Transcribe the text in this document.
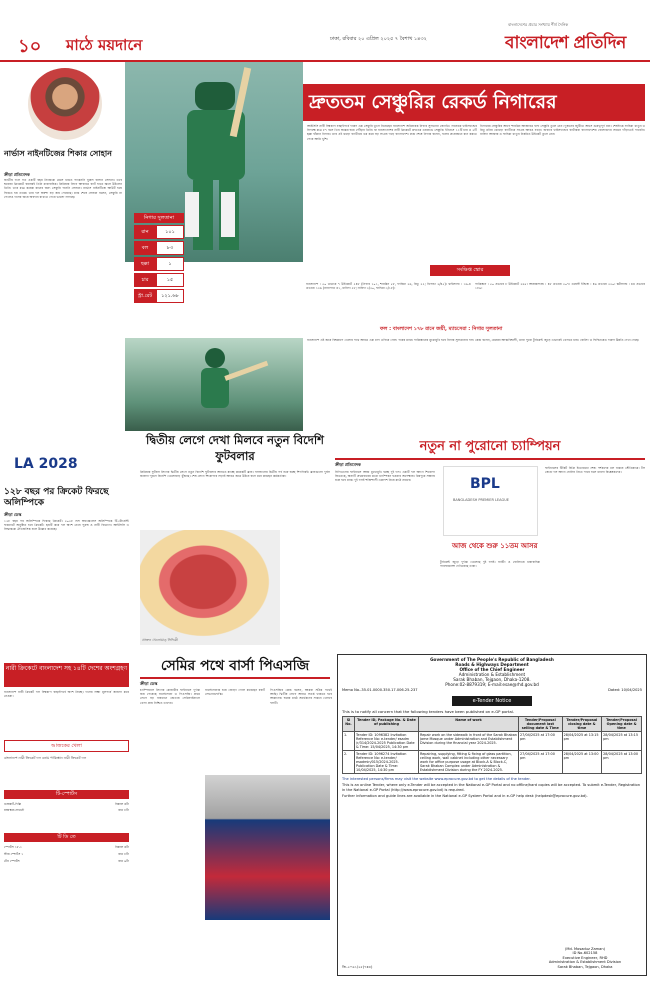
১০ মাঠে ময়দানে	ঢাকা, রবিবার ২০ এপ্রিল ২০২৫ ৭ বৈশাখ ১৪৩২
বাংলাদেশের প্রচার সংখ্যায় শীর্ষ দৈনিক
বাংলাদেশ প্রতিদিন
নার্ভাস নাইনটিজের শিকার সোহান
ক্রীড়া প্রতিবেদক
জাতীয় দলে গত একটি বছর নিজেকে মেলে ধরতে পারেননি নুরুল হাসান সোহান। তবে ঘরোয়া ক্রিকেটে বরাবরই তিনি ধারাবাহিক। প্রিমিয়ার লিগে আবারও ব্যাট হাতে জ্বলে উঠলেন তিনি। তবে মাত্র কয়েক রানের জন্য সেঞ্চুরি পাননি সোহান। নার্ভাস নাইনটিজে আউট হয়ে ফিরতে হয় তাকে। তার দল অবশ্য বড় জয় পেয়েছে। ম্যাচ শেষে সোহান বলেন, সেঞ্চুরি না পেলেও দলের জয়ে অবদান রাখতে পেরে ভালো লাগছে।
দ্রুততম সেঞ্চুরির রেকর্ড নিগারের
নিগার সুলতানা
রান	১০১
বল	৮৩
ছক্কা	১
চার	১৫
স্ট্রা.রেট	১২১.৬৮
আইসিসি নারী বিশ্বকাপ বাছাইপর্বে দারুণ এক সেঞ্চুরি তুলে নিয়েছেন বাংলাদেশ অধিনায়ক নিগার সুলতানা জ্যোতি। লাহোরে থাইল্যান্ডের বিপক্ষে মাত্র ৮৭ বলে তিন অঙ্কের ঘরে পৌঁছান তিনি। যা বাংলাদেশের নারী ক্রিকেটে দ্রুততম ওয়ানডে সেঞ্চুরি। ইনিংসে ১১টি চার ও ২টি ছক্কা হাঁকান নিগার। তার এই ঝড়ো ব্যাটিংয়ে ভর করে বড় সংগ্রহ গড়ে বাংলাদেশ। ম্যাচ শেষে নিগার বলেন, দলের প্রয়োজনে রান করতে পেরে আমি খুশি।
নিগারের সেঞ্চুরির আগে শারমিন আক্তারও হাফ সেঞ্চুরি তুলে নেন। দুজনের জুটিতে আসে গুরুত্বপূর্ণ রান। শেষদিকে ফাহিমা খাতুন ও রিতু মনির ঝোড়ো ব্যাটিংয়ে সংগ্রহ আরও বাড়ে। জবাবে থাইল্যান্ডের ব্যাটাররা বাংলাদেশের বোলারদের সামনে দাঁড়াতেই পারেনি। নাহিদা আক্তার ও ফাহিমা খাতুন নিয়মিত উইকেট তুলে নেন।
সংক্ষিপ্ত স্কোর
বাংলাদেশ : ৫০ ওভারে ৭ উইকেটে ২৪৮ (নিগার ১০১, শারমিন ৫৮, ফাহিমা ২৬, রিতু ২২; থিপাচা ২/৪৫)। থাইল্যান্ড : ৩৯.৪ ওভারে ১৩৬ (নানাপাত ৪১, চানিদা ২৮; নাহিদা ৩/২০, ফাহিমা ৩/১৮)।
পাকিস্তান : ৫০ ওভারে ৮ উইকেটে ২৬৫। আয়ারল্যান্ড : ৪৮ ওভারে ২০৭। ওয়েস্ট ইন্ডিজ : ৪৬ ওভারে ২২০। স্কটল্যান্ড : ৪৪ ওভারে ১৮৯।
ফল : বাংলাদেশ ১৭৮ রানে জয়ী, ম্যাচসেরা : নিগার সুলতানা
বাংলাদেশ এই জয়ে বিশ্বকাপে খেলার পথে আরও এক ধাপ এগিয়ে গেল। পরের ম্যাচে পাকিস্তানের মুখোমুখি হবে নিগার সুলতানার দল। কোচ বলেন, মেয়েরা আত্মবিশ্বাসী, তারা পুরো টুর্নামেন্ট জুড়ে এভাবেই খেলতে চায়। বোলিং ও ফিল্ডিংয়েও দারুণ উন্নতি দেখা গেছে।
LA 2028
১২৮ বছর পর ক্রিকেট ফিরছে অলিম্পিকে
ক্রীড়া ডেস্ক
১২৮ বছর পর অলিম্পিকে ফিরছে ক্রিকেট। ২০২৮ লস অ্যাঞ্জেলেস অলিম্পিকে টি-টোয়েন্টি ফরম্যাটে অনুষ্ঠিত হবে ক্রিকেট। ছয়টি করে দল অংশ নেবে পুরুষ ও নারী বিভাগে। আইসিসি এ সিদ্ধান্তকে ঐতিহাসিক বলে উল্লেখ করেছে।
দ্বিতীয় লেগে দেখা মিলবে নতুন বিদেশি ফুটবলার
প্রিমিয়ার ফুটবল লিগের দ্বিতীয় লেগে নতুন বিদেশি ফুটবলার আনতে যাচ্ছে কয়েকটি ক্লাব। দলবদলের দ্বিতীয় পর্ব শুরু হচ্ছে শিগগিরই। ক্লাবগুলো দুর্বল জায়গা পূরণে বিদেশি খেলোয়াড় খুঁজছে। শেষ লেগে শিরোপার লড়াই আরও জমে উঠবে বলে মনে করছেন কর্মকর্তারা।
প্রাক্তন খেলোয়াড় সিদ্দিকী
নতুন না পুরোনো চ্যাম্পিয়ন
ক্রীড়া প্রতিবেদক
বিপিএলের ফাইনালে আজ মুখোমুখি হচ্ছে দুই দল। একটি দল আগে শিরোপা জিতেছে, অন্যটি প্রথমবারের মতো চ্যাম্পিয়ন হওয়ার অপেক্ষায়। মিরপুরে সন্ধ্যায় শুরু হবে ম্যাচ। দুই দলই শক্তিশালী একাদশ নিয়ে মাঠে নামবে।	BPL
BANGLADESH PREMIER LEAGUE
আজ থেকে শুরু ১১তম আসর
টুর্নামেন্ট জুড়ে দুর্দান্ত খেলেছে দুই দলই। ব্যাটিং ও বোলিংয়ে ধারাবাহিক পারফরম্যান্স দেখিয়েছে তারা।
ফাইনালের টিকিট বিক্রি ইতোমধ্যে শেষ। দর্শকদের ঢল নামবে স্টেডিয়ামে। টস জেতা দল আগে বোলিং নিতে পারে বলে ধারণা বিশ্লেষকদের।
নারী ক্রিকেটে বাংলাদেশ সহ ১৪টি দেশের অংশগ্রহণ
বাংলাদেশ নারী ক্রিকেট দল বিশ্বকাপ বাছাইপর্বে অংশ নিচ্ছে। দলের লক্ষ্য মূলপর্বে জায়গা করে নেওয়া।
আজকের খেলা
বাংলাদেশ নারী ক্রিকেট দল বনাম পাকিস্তান নারী ক্রিকেট দল
টি-স্পোর্টস
গুজরাট-দিল্লি	বিকাল ৪টা
রাজস্থান-লখনৌ	রাত ৮টা
টি ডি তে
স্পোর্টস ১৮-১	বিকাল ৪টা
স্টার স্পোর্টস ১	রাত ৮টা
টেন স্পোর্টস	রাত ৯টা
সেমির পথে বার্সা পিএসজি
ক্রীড়া ডেস্ক
চ্যাম্পিয়নস লিগের কোয়ার্টার ফাইনালে দুর্দান্ত জয় পেয়েছে বার্সেলোনা ও পিএসজি। প্রথম লেগে বড় ব্যবধানে জেতায় সেমিফাইনালে খেলা প্রায় নিশ্চিত তাদের।
বার্সেলোনার হয়ে জোড়া গোল করেছেন রবার্ট লেভানডফস্কি।
পিএসজির কোচ বলেন, আমরা সঠিক পথেই আছি। দ্বিতীয় লেগে আরও সতর্ক থাকতে হবে আমাদের। ঘরের মাঠে সমর্থকদের সামনে খেলবে দলটি।
Government of The People's Republic of Bangladesh
Roads & Highways Department
Office of the Chief Engineer
Administration & Establishment
Sarak Bhaban, Tejgaon, Dhaka-1208.
Phone:02-8879319; E-mail:esae@rhd.gov.bd
Memo No.-35.01.0000.350.17.006.25-237	Dated: 10/04/2025
e-Tender Notice
This is to notify all concern that the following tenders have been published on e-GP portal.
Sl No.	Tender ID, Package No. & Date of publishing	Name of work	Tender/Proposal document last selling date & Time	Tender/Proposal closing date & time	Tender/Proposal Opening date & time
1.	Tender ID: 1096382 Invitation Reference No: e-tender/ esadm /r/314/2024-2025 Publication Date & Time: 15/04/2025, 14:30 pm	Repair work on the sidewalk in front of the Sarak Bhaban Jame Mosque under Administration and Establishment Division during the financial year 2024-2025.	27/04/2025 at 17:00 pm	28/04/2025 at 13:15 pm	28/04/2025 at 13:15 pm
2.	Tender ID: 1096274 Invitation Reference No: e-tender/ esadmin/015/2024-2025. Publication Date & Time: 10/04/2025, 14:30 pm	Repairing, supplying, fitting & fixing of glass partition, ceiling work, wall cabinet including other necessary work for office purpose usage at Block-A & Block-C, Sarak Bhaban Complex under Administration & Establishment Division during the FY 2024-2025.	27/04/2025 at 17:00 pm	28/04/2025 at 13:00 pm	28/04/2025 at 13:00 pm
The interested persons/firms may visit the website www.eprocure.gov.bd to get the details of the tender.
This is an online Tender, where only e-Tender will be accepted in the National e-GP Portal and no offline/hard copies will be accepted. To submit e-Tender, Registration in the National e-GP Portal (http://www.eprocure.gov.bd) is required.
Further information and guide lines are available in the National e-GP System Portal and in e-GP help desk (helpdesk@eprocure.gov.bd).
(Md. Mosaduz Zaman)
ID No-602158
Executive Engineer, RHD
Administration & Establishment Division
Sarak Bhaban, Tejgaon, Dhaka
জি-২০৬১/২৫(৭x৪)
